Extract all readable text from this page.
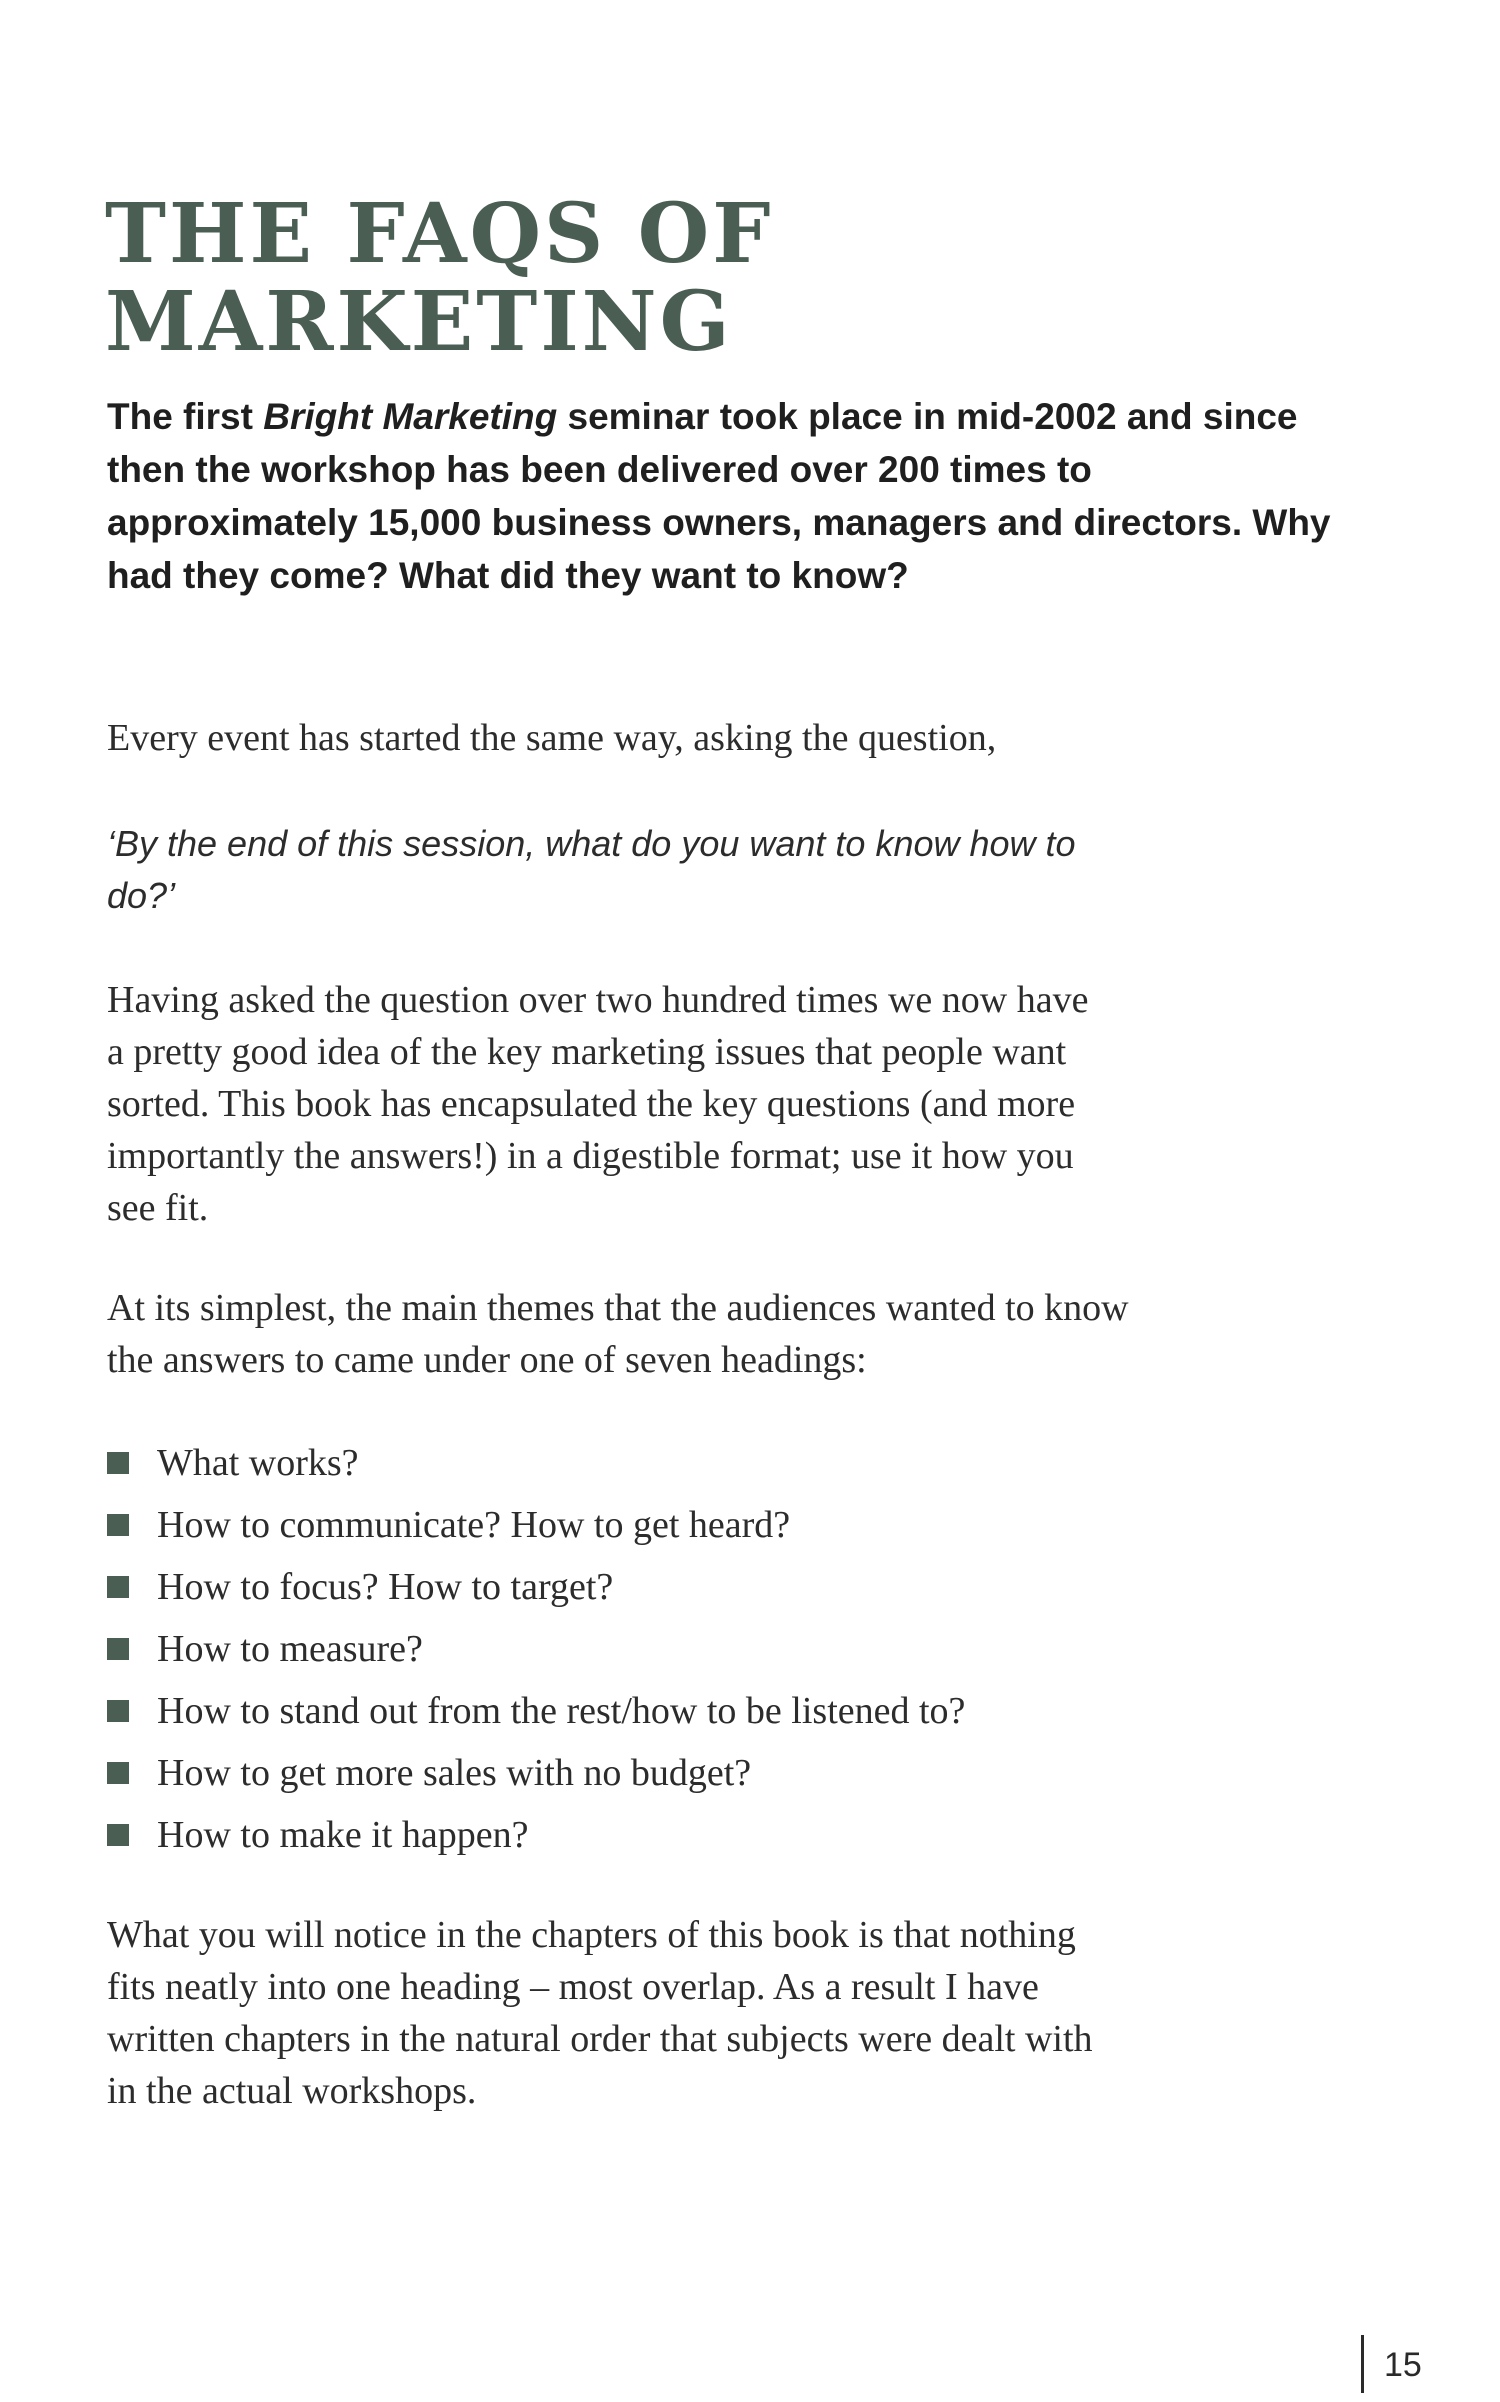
THE FAQS OF
MARKETING

The first Bright Marketing seminar took place in mid-2002 and since then the workshop has been delivered over 200 times to approximately 15,000 business owners, managers and directors. Why had they come? What did they want to know?

Every event has started the same way, asking the question,

‘By the end of this session, what do you want to know how to do?’

Having asked the question over two hundred times we now have a pretty good idea of the key marketing issues that people want sorted. This book has encapsulated the key questions (and more importantly the answers!) in a digestible format; use it how you see fit.

At its simplest, the main themes that the audiences wanted to know the answers to came under one of seven headings:

What works?
How to communicate? How to get heard?
How to focus? How to target?
How to measure?
How to stand out from the rest/how to be listened to?
How to get more sales with no budget?
How to make it happen?

What you will notice in the chapters of this book is that nothing fits neatly into one heading – most overlap. As a result I have written chapters in the natural order that subjects were dealt with in the actual workshops.

15
